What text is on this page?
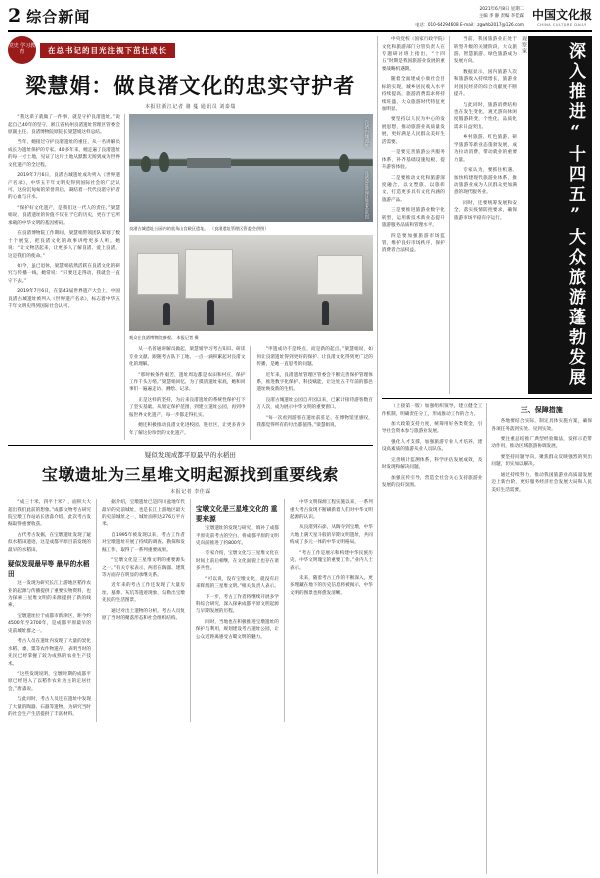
2 综合新闻	2021年6月8日 星期二
主编 李 静 责编 李佳霖
电话：010-64294608 E-mail：zgwhb2017@126.com
中国文化报
CHINA CULTURE DAILY
党史 学习教育	在总书记的目光注视下茁壮成长
梁慧娟：做良渚文化的忠实守护者
本报驻浙江记者 骆 蔓 通讯员 刘泰瑞

“我这辈子就做了一件事，就是守护良渚遗址。”说起自己40年的坚守，浙江省杭州良渚遗址管理区管委会原副主任、良渚博物院原院长梁慧娟这样总结。

当年，她接过守护良渚遗址的重任，从一名讲解员成长为遗址保护的专家。40多年来，她走遍了良渚遗址的每一寸土地，见证了这片土地从默默无闻到成为世界文化遗产的全过程。

2019年7月6日，良渚古城遗址成功列入《世界遗产名录》，中华五千年文明史得到国际社会的广泛认可。这份沉甸甸的荣誉背后，凝结着一代代良渚守护者的心血与汗水。

“保护好文化遗产，是我们这一代人的责任。”梁慧娟说，良渚遗址的价值不仅在于它的历史，更在于它所承载的中华文明的基因密码。

在良渚博物院工作期间，梁慧娟带领团队策划了数十个展览，把良渚文化的故事讲给更多人听。她说：“让文物活起来，让更多人了解良渚、爱上良渚，这是我们的使命。”

如今，虽已退休，梁慧娟依然活跃在良渚文化的研究与传播一线。她常说：“只要还走得动，我就会一直守下去。”

2019年7月6日，在第43届世界遗产大会上，中国良渚古城遗址被列入《世界遗产名录》，标志着中华五千年文明史得到国际社会认可。

良渚古城遗址
良渚遗址管理区管委会供图
良渚古城遗址公园内的莫角山宫殿区遗址。 （良渚遗址管理区管委会供图）
观众在良渚博物院参观。 本报记者 摄

从一名普通讲解员做起，梁慧娟学习考古知识、研读专业文献、跟随考古队下工地，一点一滴积累起对良渚文化的理解。

“那时候条件艰苦，遗址周边都是农田和村庄，保护工作千头万绪。”梁慧娟回忆，为了摸清遗址家底，她和同事们一遍遍走访、测绘、记录。

正是这样的坚持，为后来良渚遗址的系统性保护打下了坚实基础。从划定保护范围，到建立遗址公园，再到申报世界文化遗产，每一步都走得扎实。

她还积极推动良渚文化进校园、进社区，让更多青少年了解这份珍贵的文化遗产。

“申遗成功不是终点，而是新的起点。”梁慧娟说，如何让良渚遗址得到更好的保护、让良渚文化得到更广泛的传播，是她一直思考的问题。

近年来，良渚遗址管理区管委会不断完善保护管理体系，推进数字化保护、科技赋能，让这处五千年前的都邑遗址焕发新的生机。

良渚古城遗址公园自开园以来，已累计接待游客数百万人次，成为展示中华文明的重要窗口。

“每一次看到游客在遗址前驻足、在博物馆里感叹，我都觉得所有的付出都值得。”梁慧娟说。

疑似发现成都平原最早的水稻田
宝墩遗址为三星堆文明起源找到重要线索
本报记者 李佳霖

“成三十米、四平十米？，面积大大超出我们此前的想象。”成都文物考古研究院宝墩工作站站长唐淼介绍，此次考古发掘取得重要收获。

古代考古发掘，在宝墩遗址发现了疑似水稻田遗迹，这是成都平原目前发现的最早的水稻田。

疑似发现最早等 最早的水稻田

这一发现为研究长江上游地区稻作农业的起源与传播提供了重要实物资料，也为探索三星堆文明的来源提供了新的线索。

宝墩遗址位于成都市新津区，距今约4500年至3700年，是成都平原最早的史前城址群之一。

考古人员在遗址内发现了大量的炭化水稻、黍、粟等农作物遗存，表明当时的先民已经掌握了较为成熟的农业生产技术。

“这些发现说明，宝墩时期的成都平原已经进入了以稻作农业为主的定居社会。”唐淼说。

与此同时，考古人员还在遗址中发现了大量的陶器、石器等遗物，为研究当时的社会生产生活提供了丰富材料。

据介绍，宝墩遗址已是四川盆地年代最早的史前城址，也是长江上游地区最大的史前城址之一，城址面积达276万平方米。

自1995年被发现以来，考古工作者对宝墩遗址开展了持续的调查、勘探和发掘工作，取得了一系列重要成果。

“宝墩文化是三星堆文明的重要源头之一。”有关专家表示，两者在陶器、建筑等方面存在明显的承继关系。

近年来的考古工作还发现了大量房址、墓葬、灰坑等遗迹现象，勾勒出宝墩先民的生活图景。

通过对出土遗物的分析，考古人员复原了当时的聚落形态和社会组织结构。

宝墩文化是三星堆文化的 重要来源

宝墩遗址的发现与研究，填补了成都平原史前考古的空白，将成都平原的文明史向前推进了约800年。

专家介绍，宝墩文化与三星堆文化在时间上前后相继，在文化面貌上也存在诸多共性。

“可以说，没有宝墩文化，就没有后来辉煌的三星堆文明。”相关负责人表示。

下一步，考古工作者将继续开展多学科综合研究，深入探索成都平原文明起源与早期发展的历程。

同时，当地也在积极推进宝墩遗址的保护与利用，规划建设考古遗址公园，让公众近距离感受古蜀文明的魅力。

中华文明探源工程实施以来，一系列重大考古发现不断刷新着人们对中华文明起源的认识。

从良渚到石峁，从陶寺到宝墩，中华大地上满天星斗般的早期文明遗址，共同构成了多元一体的中华文明格局。

“考古工作是展示和构建中华民族历史、中华文明瑰宝的重要工作。”业内人士表示。

未来，随着考古工作的不断深入，更多埋藏在地下的历史信息将被揭示，中华文明的图景也将愈发清晰。

中央党校（国家行政学院）文化和旅游部门分管负责人在专题研讨班上指出，“十四五”时期是我国旅游业发展的重要战略机遇期。

随着全面建成小康社会目标的实现，城乡居民收入水平持续提高，旅游消费需求将持续旺盛，大众旅游时代特征更加明显。

要坚持以人民为中心的发展思想，推动旅游业高质量发展，更好满足人民群众美好生活需要。

一是要完善旅游公共服务体系，补齐基础设施短板，提升游客体验。

二是要推动文化和旅游深度融合，以文塑旅、以旅彰文，打造更多具有文化内涵的旅游产品。

三是要推进旅游业数字化转型，运用新技术新业态提升旅游服务品质和管理水平。

四是要加强旅游市场监管，维护良好市场秩序，保护消费者合法权益。

当前，我国旅游业正处于转型升级的关键阶段，大众旅游、智慧旅游、绿色旅游成为发展方向。

数据显示，国内旅游人次和旅游收入持续增长，旅游业对国民经济的综合贡献度不断提升。

与此同时，旅游消费结构也在发生变化，观光游向休闲度假游转变，个性化、品质化需求日益突出。

乡村旅游、红色旅游、研学旅游等新业态蓬勃发展，成为拉动消费、带动就业的重要力量。

专家认为，要抓住机遇，加快构建现代旅游业体系，推动旅游业成为人民群众更加满意的现代服务业。

同时，还要统筹发展和安全，落实疫情防控要求，确保旅游市场平稳有序运行。

观察家	深入推进“十四五”大众旅游蓬勃发展

（上接第一版）加强组织领导，建立健全工作机制，明确责任分工，形成推动工作的合力。

加大政策支持力度，统筹用好各类资金，引导社会资本参与旅游业发展。

强化人才支撑，加强旅游专业人才培养，建设高素质的旅游从业人员队伍。

完善统计监测体系，科学评估发展成效，及时发现和解决问题。

加强宣传引导，营造全社会关心支持旅游业发展的良好氛围。

三、保障措施

各地要结合实际，制定具体实施方案，确保各项任务落到实处、见到实效。

要注重总结推广典型经验做法，发挥示范带动作用，推动区域旅游协调发展。

要坚持问题导向，聚焦群众反映强烈的突出问题，切实加以解决。

通过持续努力，推动我国旅游业高质量发展迈上新台阶，更好服务经济社会发展大局和人民美好生活需要。
